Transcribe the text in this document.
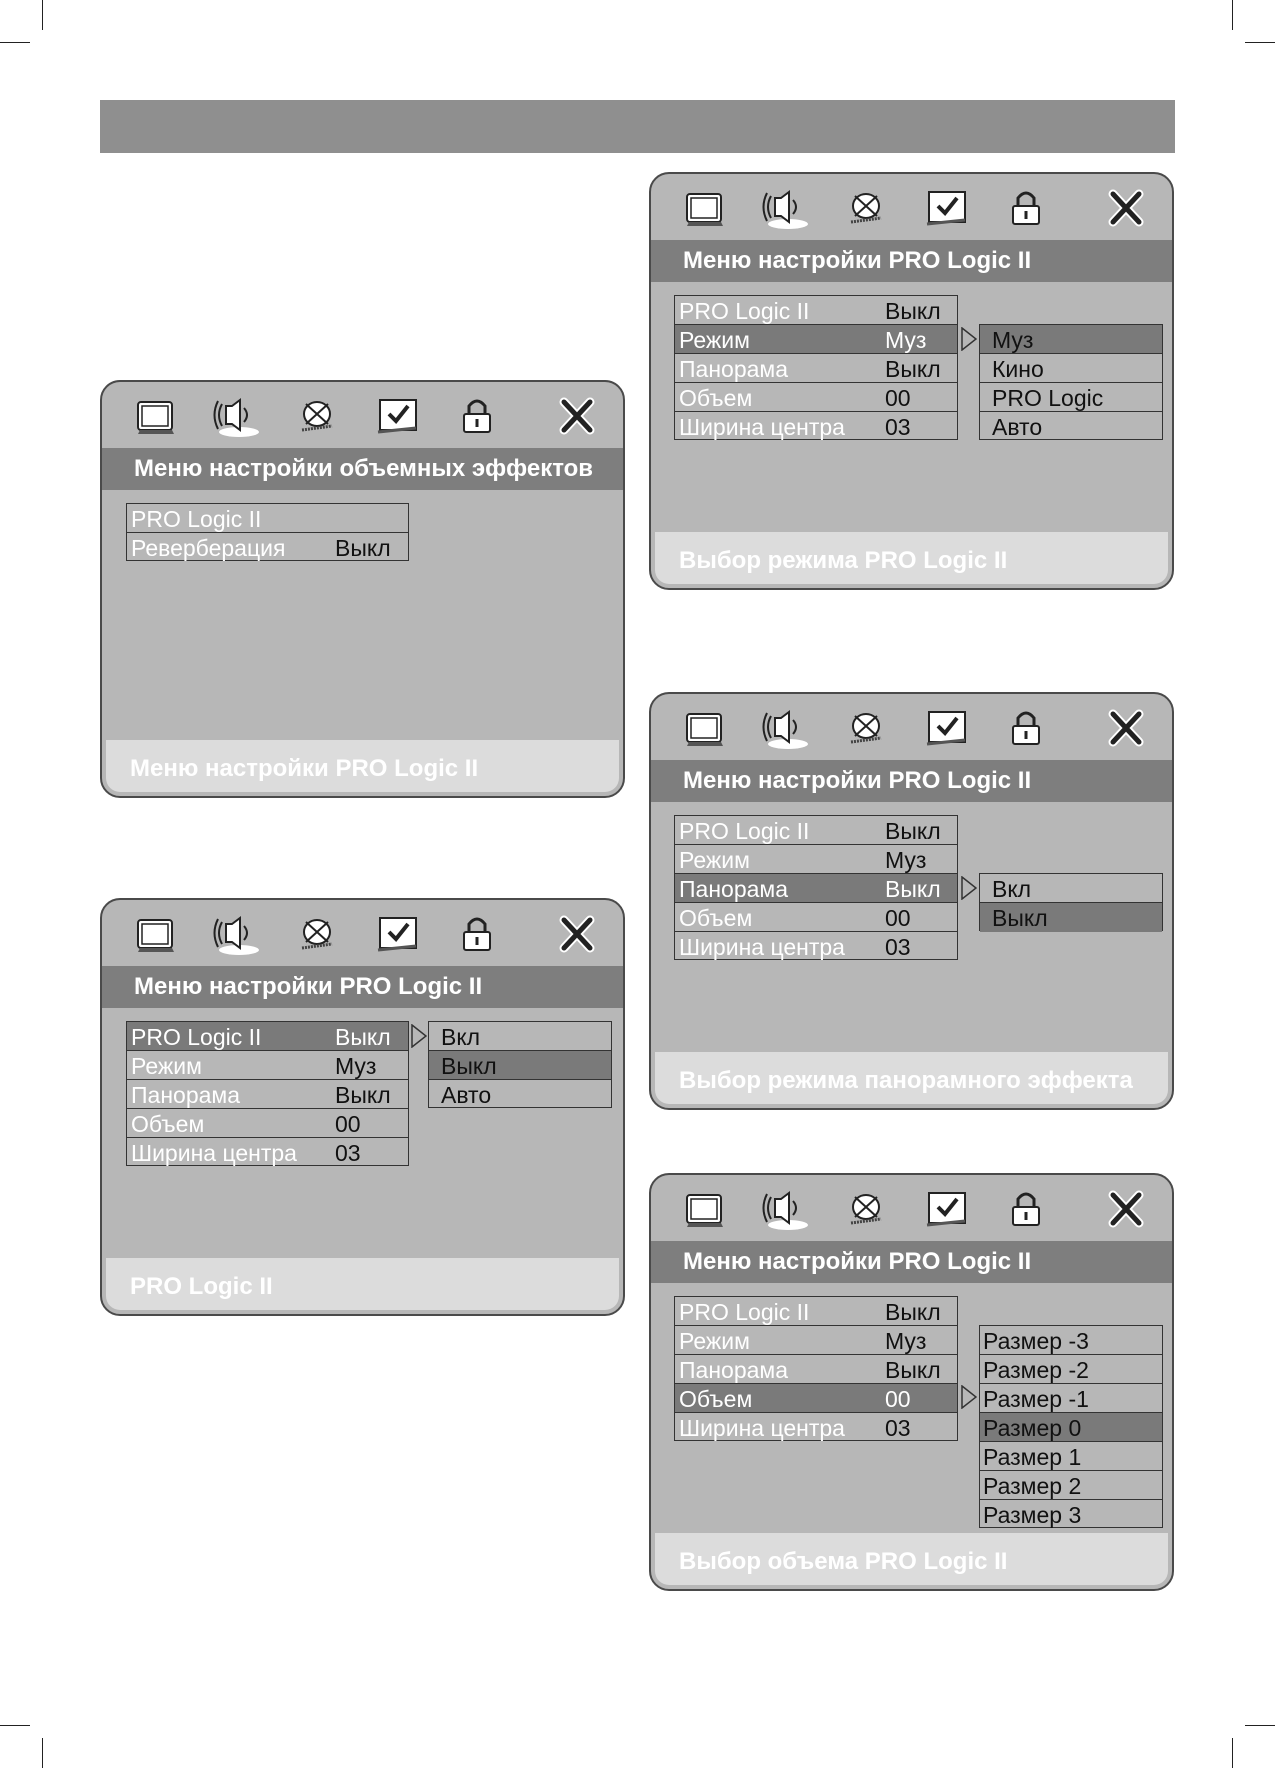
Меню настройки объемных эффектов
PRO Logic II
Реверберация Выкл
Меню настройки PRO Logic II
Меню настройки PRO Logic II
PRO Logic II	Выкл
Режим	Муз
Панорама	Выкл
Объем	00
Ширина центра 03
Вкл
Выкл
Авто
PRO Logic II
Меню настройки PRO Logic II
PRO Logic II	Выкл
Режим	Муз
Панорама	Выкл
Объем	00
Ширина центра 03
Муз
Кино
PRO Logic
Авто
Выбор режима PRO Logic II
Меню настройки PRO Logic II
PRO Logic II	Выкл
Режим	Муз
Панорама	Выкл
Объем	00
Ширина центра 03
Вкл
Выкл
Выбор режима панорамного эффекта
Меню настройки PRO Logic II
PRO Logic II	Выкл
Режим	Муз
Панорама	Выкл
Объем	00
Ширина центра 03
Размер -3
Размер -2
Размер -1
Размер 0
Размер 1
Размер 2
Размер 3
Выбор объема PRO Logic II
